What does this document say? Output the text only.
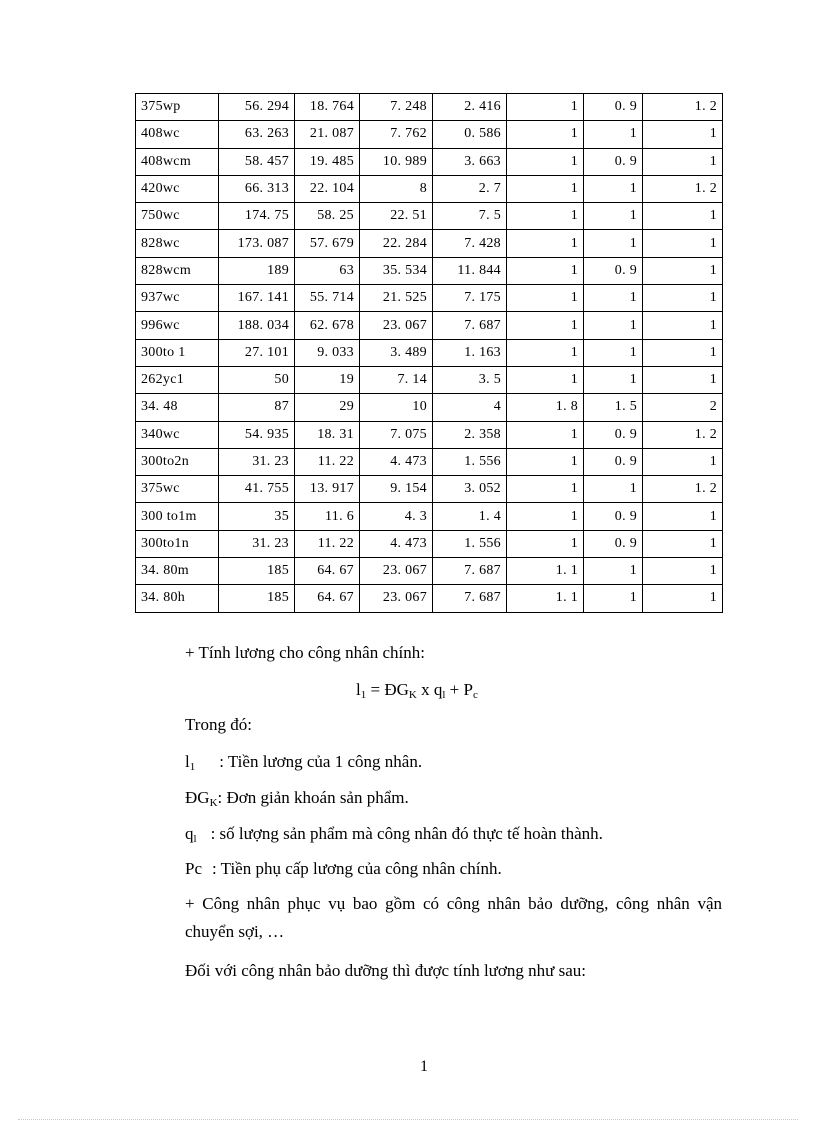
375wp	56. 294	18. 764	7. 248	2. 416	1	0. 9	1. 2
408wc	63. 263	21. 087	7. 762	0. 586	1	1	1
408wcm	58. 457	19. 485	10. 989	3. 663	1	0. 9	1
420wc	66. 313	22. 104	8	2. 7	1	1	1. 2
750wc	174. 75	58. 25	22. 51	7. 5	1	1	1
828wc	173. 087	57. 679	22. 284	7. 428	1	1	1
828wcm	189	63	35. 534	11. 844	1	0. 9	1
937wc	167. 141	55. 714	21. 525	7. 175	1	1	1
996wc	188. 034	62. 678	23. 067	7. 687	1	1	1
300to 1	27. 101	9. 033	3. 489	1. 163	1	1	1
262yc1	50	19	7. 14	3. 5	1	1	1
34. 48	87	29	10	4	1. 8	1. 5	2
340wc	54. 935	18. 31	7. 075	2. 358	1	0. 9	1. 2
300to2n	31. 23	11. 22	4. 473	1. 556	1	0. 9	1
375wc	41. 755	13. 917	9. 154	3. 052	1	1	1. 2
300 to1m	35	11. 6	4. 3	1. 4	1	0. 9	1
300to1n	31. 23	11. 22	4. 473	1. 556	1	0. 9	1
34. 80m	185	64. 67	23. 067	7. 687	1. 1	1	1
34. 80h	185	64. 67	23. 067	7. 687	1. 1	1	1

+ Tính lương cho công nhân chính:

$l_1$ = $ĐG_K$ x $q_l + P_c$

Trong đó:

$l_1$ : Tiền lương của 1 công nhân.

$ĐG_K$: Đơn giản khoán sản phẩm.

$q_l$ : số lượng sản phẩm mà công nhân đó thực tế hoàn thành.

Pc : Tiền phụ cấp lương của công nhân chính.

+ Công nhân phục vụ bao gồm có công nhân bảo dưỡng, công nhân vận chuyển sợi, …

Đối với công nhân bảo dưỡng thì được tính lương như sau:

1
